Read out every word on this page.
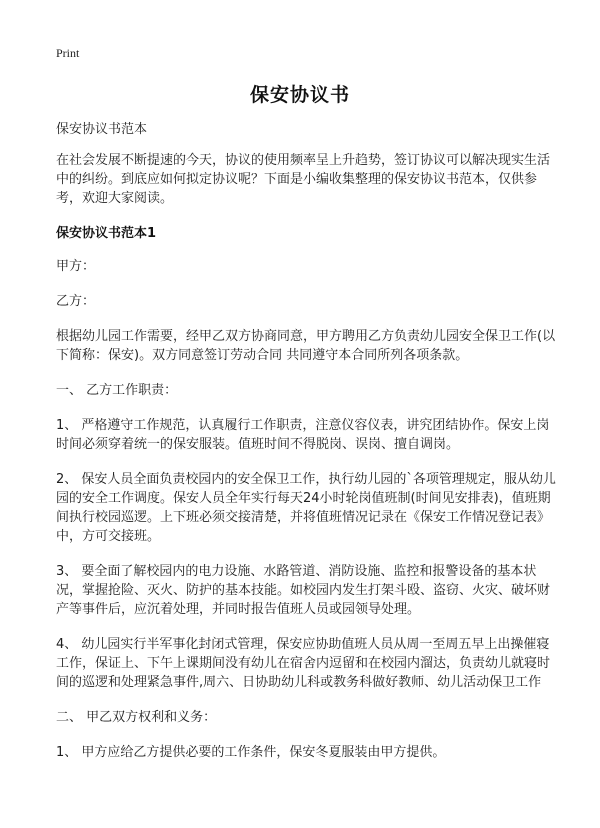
Print
保安协议书

保安协议书范本

在社会发展不断提速的今天，协议的使用频率呈上升趋势，签订协议可以解决现实生活中的纠纷。到底应如何拟定协议呢？下面是小编收集整理的保安协议书范本，仅供参考，欢迎大家阅读。

保安协议书范本1

甲方：

乙方：

根据幼儿园工作需要，经甲乙双方协商同意，甲方聘用乙方负责幼儿园安全保卫工作(以下简称：保安)。双方同意签订劳动合同 共同遵守本合同所列各项条款。

一、 乙方工作职责：

1、 严格遵守工作规范，认真履行工作职责，注意仪容仪表，讲究团结协作。保安上岗时间必须穿着统一的保安服装。值班时间不得脱岗、误岗、擅自调岗。

2、 保安人员全面负责校园内的安全保卫工作，执行幼儿园的`各项管理规定，服从幼儿园的安全工作调度。保安人员全年实行每天24小时轮岗值班制(时间见安排表)，值班期间执行校园巡逻。上下班必须交接清楚，并将值班情况记录在《保安工作情况登记表》中，方可交接班。

3、 要全面了解校园内的电力设施、水路管道、消防设施、监控和报警设备的基本状况，掌握抢险、灭火、防护的基本技能。如校园内发生打架斗殴、盗窃、火灾、破坏财产等事件后，应沉着处理，并同时报告值班人员或园领导处理。

4、 幼儿园实行半军事化封闭式管理，保安应协助值班人员从周一至周五早上出操催寝工作，保证上、下午上课期间没有幼儿在宿舍内逗留和在校园内溜达，负责幼儿就寝时间的巡逻和处理紧急事件,周六、日协助幼儿科或教务科做好教师、幼儿活动保卫工作

二、 甲乙双方权利和义务：

1、 甲方应给乙方提供必要的工作条件，保安冬夏服装由甲方提供。
